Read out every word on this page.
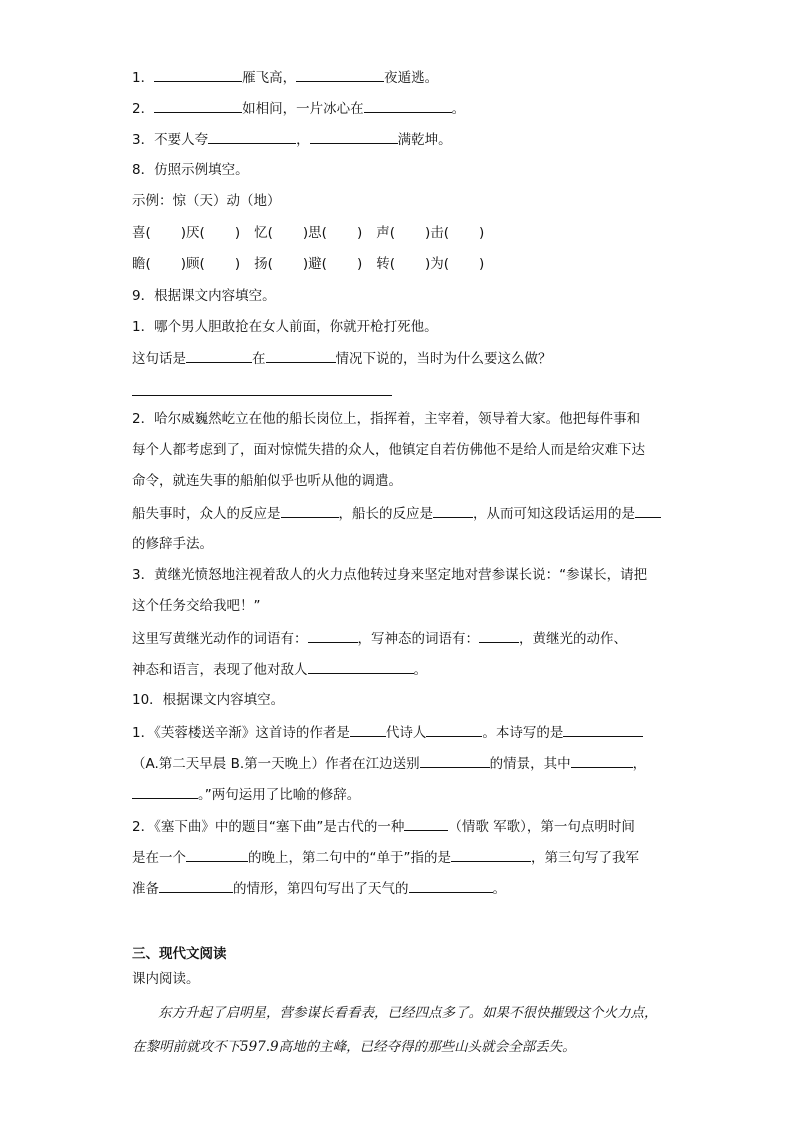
1．	雁飞高，	夜遁逃。
2．	如相问，一片冰心在	。
3．不要人夸	，	满乾坤。
8．仿照示例填空。
示例：惊（天）动（地）
喜( )厌( ) 忆( )思( ) 声( )击( )
瞻( )顾( ) 扬( )避( ) 转( )为( )
9．根据课文内容填空。
1．哪个男人胆敢抢在女人前面，你就开枪打死他。
这句话是	在	情况下说的，当时为什么要这么做？
2．哈尔威巍然屹立在他的船长岗位上，指挥着，主宰着，领导着大家。他把每件事和
每个人都考虑到了，面对惊慌失措的众人，他镇定自若仿佛他不是给人而是给灾难下达
命令，就连失事的船舶似乎也听从他的调遣。
船失事时，众人的反应是	，船长的反应是	，从而可知这段话运用的是
的修辞手法。
3．黄继光愤怒地注视着敌人的火力点他转过身来坚定地对营参谋长说：“参谋长，请把
这个任务交给我吧！”
这里写黄继光动作的词语有：	，写神态的词语有：	，黄继光的动作、
神态和语言，表现了他对敌人	。
10．根据课文内容填空。
1．《芙蓉楼送辛渐》这首诗的作者是	代诗人	。本诗写的是
（A.第二天早晨 B.第一天晚上）作者在江边送别	的情景，其中	，
。”两句运用了比喻的修辞。
2．《塞下曲》中的题目“塞下曲”是古代的一种	（情歌 军歌），第一句点明时间
是在一个	的晚上，第二句中的“单于”指的是	，第三句写了我军
准备	的情形，第四句写出了天气的	。
三、现代文阅读
课内阅读。
东方升起了启明星，营参谋长看看表，已经四点多了。如果不很快摧毁这个火力点，
在黎明前就攻不下597.9高地的主峰，已经夺得的那些山头就会全部丢失。
